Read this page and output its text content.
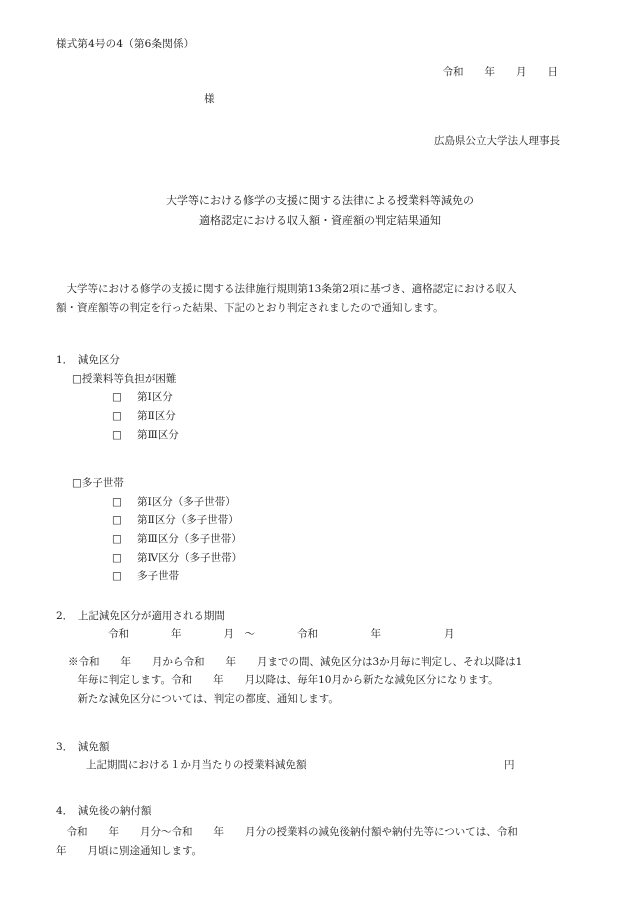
様式第4号の4（第6条関係）
令和　　年　　月　　日
様
広島県公立大学法人理事長
大学等における修学の支援に関する法律による授業料等減免の
適格認定における収入額・資産額の判定結果通知
大学等における修学の支援に関する法律施行規則第13条第2項に基づき、適格認定における収入
額・資産額等の判定を行った結果、下記のとおり判定されましたので通知します。
1． 減免区分
□授業料等負担が困難
□ 第Ⅰ区分
□ 第Ⅱ区分
□ 第Ⅲ区分
□多子世帯
□ 第Ⅰ区分（多子世帯）
□ 第Ⅱ区分（多子世帯）
□ 第Ⅲ区分（多子世帯）
□ 第Ⅳ区分（多子世帯）
□ 多子世帯
2． 上記減免区分が適用される期間
令和　　　　年　　　　月　〜　　　　令和　　　　　年　　　　　　月
※令和　　年　　月から令和　　年　　月までの間、減免区分は3か月毎に判定し、それ以降は1
年毎に判定します。令和　　年　　月以降は、毎年10月から新たな減免区分になります。
新たな減免区分については、判定の都度、通知します。
3． 減免額
上記期間における１か月当たりの授業料減免額	円
4． 減免後の納付額
令和　　年　　月分〜令和　　年　　月分の授業料の減免後納付額や納付先等については、令和
年　　月頃に別途通知します。
